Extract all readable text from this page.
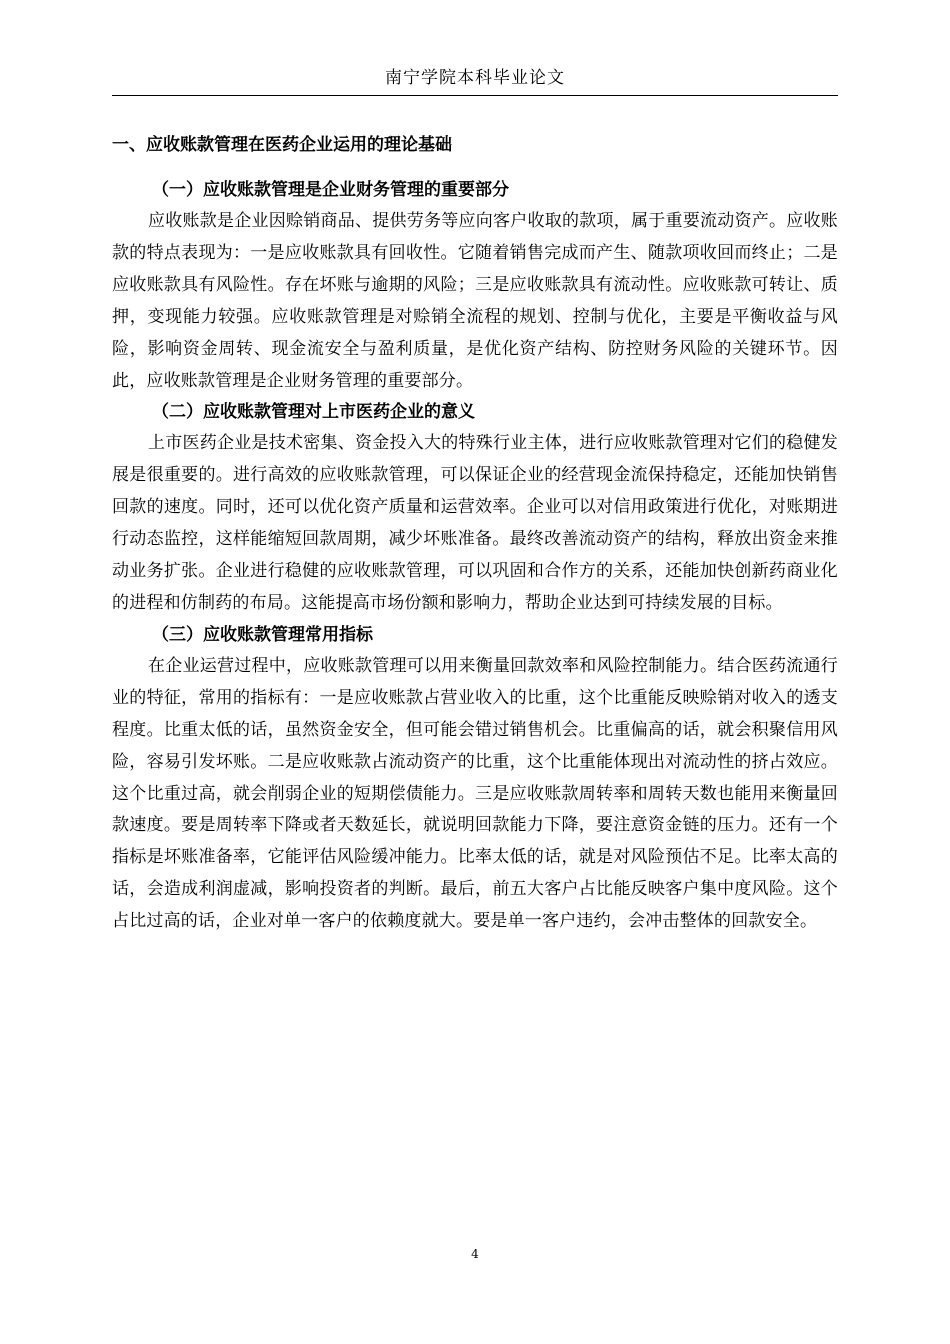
南宁学院本科毕业论文
一、应收账款管理在医药企业运用的理论基础
（一）应收账款管理是企业财务管理的重要部分

应收账款是企业因赊销商品、提供劳务等应向客户收取的款项，属于重要流动资产。应收账款的特点表现为：一是应收账款具有回收性。它随着销售完成而产生、随款项收回而终止；二是应收账款具有风险性。存在坏账与逾期的风险；三是应收账款具有流动性。应收账款可转让、质押，变现能力较强。应收账款管理是对赊销全流程的规划、控制与优化，主要是平衡收益与风险，影响资金周转、现金流安全与盈利质量，是优化资产结构、防控财务风险的关键环节。因此，应收账款管理是企业财务管理的重要部分。

（二）应收账款管理对上市医药企业的意义

上市医药企业是技术密集、资金投入大的特殊行业主体，进行应收账款管理对它们的稳健发展是很重要的。进行高效的应收账款管理，可以保证企业的经营现金流保持稳定，还能加快销售回款的速度。同时，还可以优化资产质量和运营效率。企业可以对信用政策进行优化，对账期进行动态监控，这样能缩短回款周期，减少坏账准备。最终改善流动资产的结构，释放出资金来推动业务扩张。企业进行稳健的应收账款管理，可以巩固和合作方的关系，还能加快创新药商业化的进程和仿制药的布局。这能提高市场份额和影响力，帮助企业达到可持续发展的目标。

（三）应收账款管理常用指标

在企业运营过程中，应收账款管理可以用来衡量回款效率和风险控制能力。结合医药流通行业的特征，常用的指标有：一是应收账款占营业收入的比重，这个比重能反映赊销对收入的透支程度。比重太低的话，虽然资金安全，但可能会错过销售机会。比重偏高的话，就会积聚信用风险，容易引发坏账。二是应收账款占流动资产的比重，这个比重能体现出对流动性的挤占效应。这个比重过高，就会削弱企业的短期偿债能力。三是应收账款周转率和周转天数也能用来衡量回款速度。要是周转率下降或者天数延长，就说明回款能力下降，要注意资金链的压力。还有一个指标是坏账准备率，它能评估风险缓冲能力。比率太低的话，就是对风险预估不足。比率太高的话，会造成利润虚减，影响投资者的判断。最后，前五大客户占比能反映客户集中度风险。这个占比过高的话，企业对单一客户的依赖度就大。要是单一客户违约，会冲击整体的回款安全。

4
